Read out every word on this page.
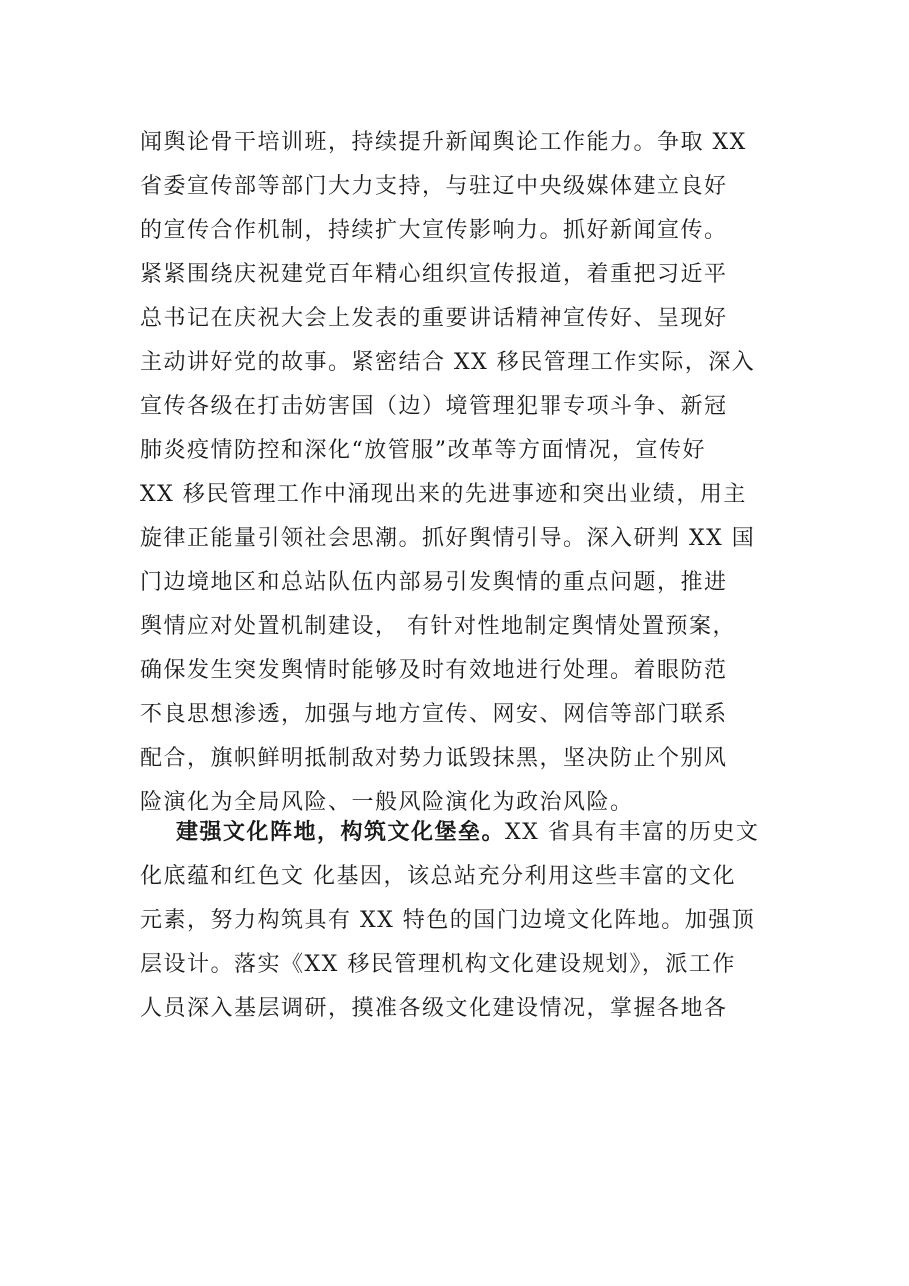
闻舆论骨干培训班，持续提升新闻舆论工作能力。争取 XX
省委宣传部等部门大力支持，与驻辽中央级媒体建立良好
的宣传合作机制，持续扩大宣传影响力。抓好新闻宣传。
紧紧围绕庆祝建党百年精心组织宣传报道，着重把习近平
总书记在庆祝大会上发表的重要讲话精神宣传好、呈现好
主动讲好党的故事。紧密结合 XX 移民管理工作实际，深入
宣传各级在打击妨害国（边）境管理犯罪专项斗争、新冠
肺炎疫情防控和深化“放管服”改革等方面情况，宣传好
XX 移民管理工作中涌现出来的先进事迹和突出业绩，用主
旋律正能量引领社会思潮。抓好舆情引导。深入研判 XX 国
门边境地区和总站队伍内部易引发舆情的重点问题，推进
舆情应对处置机制建设， 有针对性地制定舆情处置预案，
确保发生突发舆情时能够及时有效地进行处理。着眼防范
不良思想渗透，加强与地方宣传、网安、网信等部门联系
配合，旗帜鲜明抵制敌对势力诋毁抹黑，坚决防止个别风
险演化为全局风险、一般风险演化为政治风险。
建强文化阵地，构筑文化堡垒。XX 省具有丰富的历史文
化底蕴和红色文 化基因，该总站充分利用这些丰富的文化
元素，努力构筑具有 XX 特色的国门边境文化阵地。加强顶
层设计。落实《XX 移民管理机构文化建设规划》，派工作
人员深入基层调研，摸准各级文化建设情况，掌握各地各
